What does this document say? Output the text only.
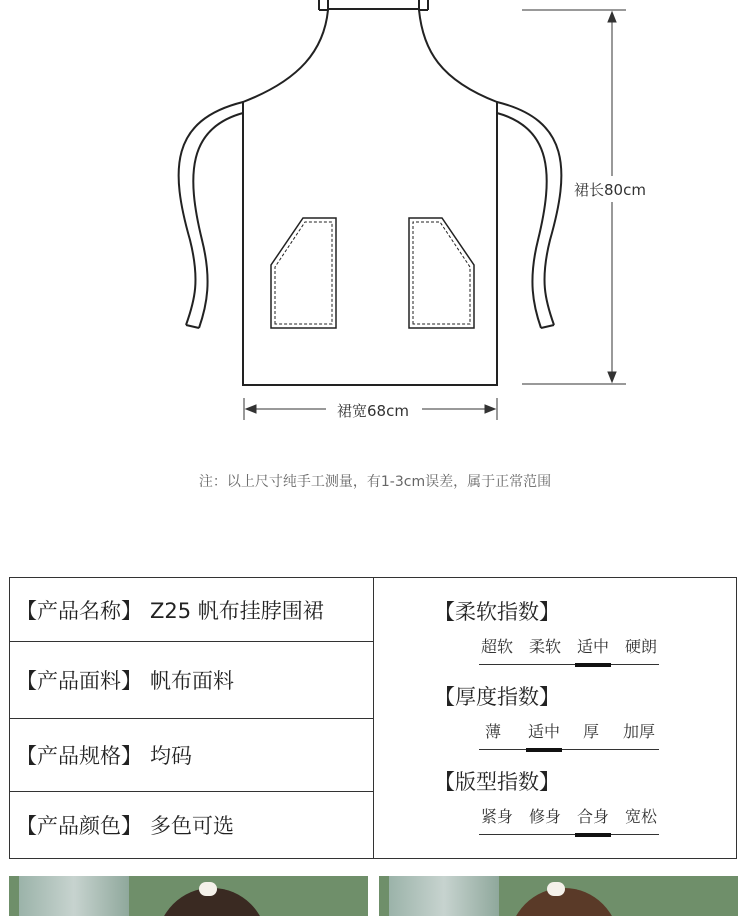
裙长80cm
裙宽68cm
注：以上尺寸纯手工测量，有1-3cm误差，属于正常范围
【产品名称】 Z25 帆布挂脖围裙
【产品面料】 帆布面料
【产品规格】 均码
【产品颜色】 多色可选
【柔软指数】
超软 柔软 适中 硬朗
【厚度指数】
薄 适中 厚 加厚
【版型指数】
紧身 修身 合身 宽松
